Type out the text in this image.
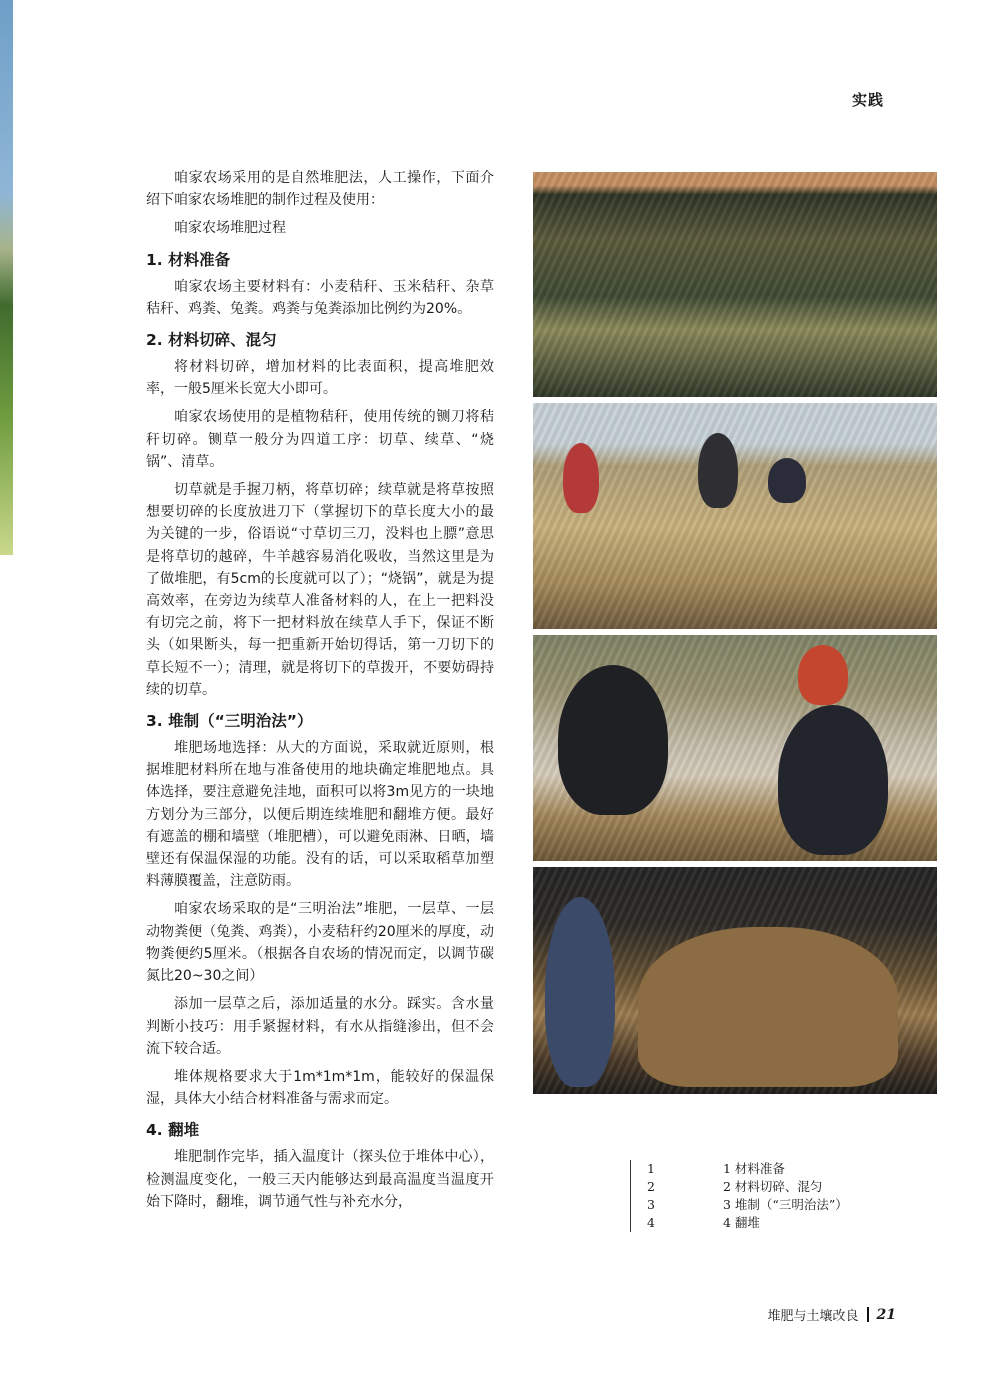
实践

咱家农场采用的是自然堆肥法，人工操作，下面介绍下咱家农场堆肥的制作过程及使用：

咱家农场堆肥过程

1. 材料准备

咱家农场主要材料有：小麦秸秆、玉米秸秆、杂草秸秆、鸡粪、兔粪。鸡粪与兔粪添加比例约为20%。

2. 材料切碎、混匀

将材料切碎，增加材料的比表面积，提高堆肥效率，一般5厘米长宽大小即可。

咱家农场使用的是植物秸秆，使用传统的铡刀将秸秆切碎。铡草一般分为四道工序：切草、续草、“烧锅”、清草。

切草就是手握刀柄，将草切碎；续草就是将草按照想要切碎的长度放进刀下（掌握切下的草长度大小的最为关键的一步，俗语说“寸草切三刀，没料也上膘”意思是将草切的越碎，牛羊越容易消化吸收，当然这里是为了做堆肥，有5cm的长度就可以了）；“烧锅”，就是为提高效率，在旁边为续草人准备材料的人，在上一把料没有切完之前，将下一把材料放在续草人手下，保证不断头（如果断头，每一把重新开始切得话，第一刀切下的草长短不一）；清理，就是将切下的草拨开，不要妨碍持续的切草。

3. 堆制（“三明治法”）

堆肥场地选择：从大的方面说，采取就近原则，根据堆肥材料所在地与准备使用的地块确定堆肥地点。具体选择，要注意避免洼地，面积可以将3m见方的一块地方划分为三部分，以便后期连续堆肥和翻堆方便。最好有遮盖的棚和墙壁（堆肥槽），可以避免雨淋、日晒，墙壁还有保温保湿的功能。没有的话，可以采取稻草加塑料薄膜覆盖，注意防雨。

咱家农场采取的是“三明治法”堆肥，一层草、一层动物粪便（兔粪、鸡粪），小麦秸秆约20厘米的厚度，动物粪便约5厘米。（根据各自农场的情况而定，以调节碳氮比20~30之间）

添加一层草之后，添加适量的水分。踩实。含水量判断小技巧：用手紧握材料，有水从指缝渗出，但不会流下较合适。

堆体规格要求大于1m*1m*1m，能较好的保温保湿，具体大小结合材料准备与需求而定。

4. 翻堆

堆肥制作完毕，插入温度计（探头位于堆体中心），检测温度变化，一般三天内能够达到最高温度当温度开始下降时，翻堆，调节通气性与补充水分，

1	1 材料准备
2	2 材料切碎、混匀
3	3 堆制（“三明治法”）
4	4 翻堆
堆肥与土壤改良 21
